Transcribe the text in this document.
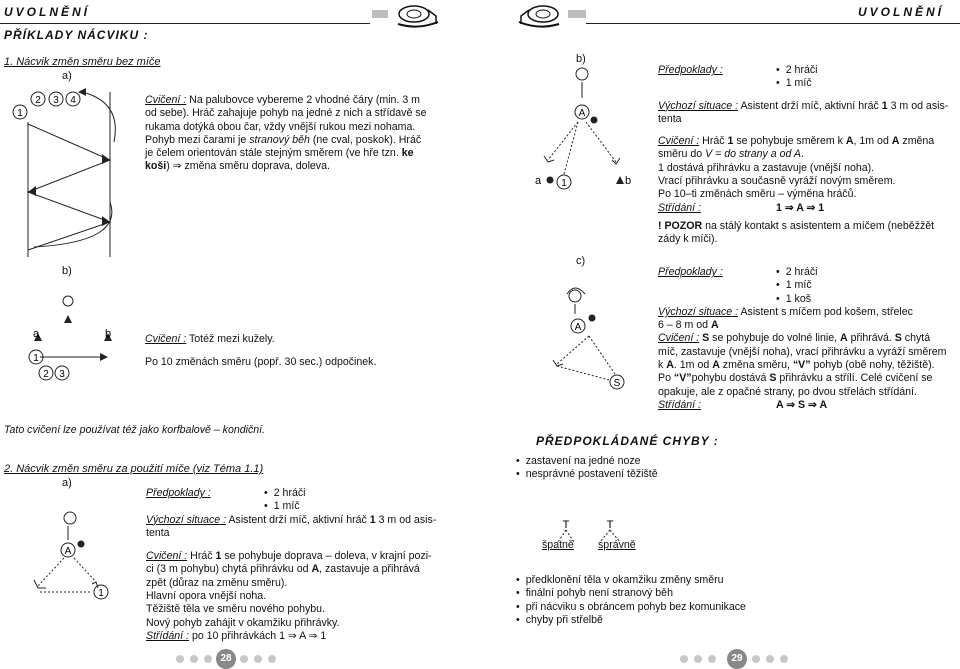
UVOLNĚNÍ	UVOLNĚNÍ
PŘÍKLADY NÁCVIKU :
1. Nácvik změn směru bez míče
a)
1
2 3 4	Cvičení : Na palubovce vybereme 2 vhodné čáry (min. 3 m

od sebe). Hráč zahajuje pohyb na jedné z nich a střídavě se

rukama dotýká obou čar, vždy vnější rukou mezi nohama.

Pohyb mezi čarami je stranový běh (ne cval, poskok). Hráč

je čelem orientován stále stejným směrem (ve hře tzn. ke

koši) ⇒ změna směru doprava, doleva.

b)
a	b
1
2 3

Cvičení : Totéž mezi kužely.

Po 10 změnách směru (popř. 30 sec.) odpočinek.

Tato cvičení lze používat též jako korfbalově – kondiční.
2. Nácvik změn směru za použití míče (viz Téma 1.1)
a)
A
1
Předpoklady :	• 2 hráči
• 1 míč

Výchozí situace : Asistent drží míč, aktivní hráč 1 3 m od asis-

tenta

Cvičení : Hráč 1 se pohybuje doprava – doleva, v krajní pozi-

ci (3 m pohybu) chytá přihrávku od A, zastavuje a přihrává

zpět (důraz na změnu směru).

Hlavní opora vnější noha.

Těžiště těla ve směru nového pohybu.

Nový pohyb zahájit v okamžiku přihrávky.

Střídání : po 10 přihrávkách 1 ⇒ A ⇒ 1

28
b)
A
a	b
1
Předpoklady :	• 2 hráči
• 1 míč

Výchozí situace : Asistent drží míč, aktivní hráč 1 3 m od asis-

tenta

Cvičení : Hráč 1 se pohybuje směrem k A, 1m od A změna

směru do V = do strany a od A.

1 dostává přihrávku a zastavuje (vnější noha).

Vrací přihrávku a současně vyráží novým směrem.

Po 10–ti změnách směru – výměna hráčů.

Střídání :	1 ⇒ A ⇒ 1

! POZOR na stálý kontakt s asistentem a míčem (neběžžět

zády k míči).

c)
A
S
Předpoklady :	• 2 hráči
• 1 míč
• 1 koš

Výchozí situace : Asistent s míčem pod košem, střelec

6 – 8 m od A

Cvičení : S se pohybuje do volné linie, A přihrává. S chytá

míč, zastavuje (vnější noha), vrací přihrávku a vyráží směrem

k A. 1m od A změna směru, “V” pohyb (obě nohy, těžiště).

Po “V”pohybu dostává S přihrávku a střílí. Celé cvičení se

opakuje, ale z opačné strany, po dvou střelách střídání.

Střídání :	A ⇒ S ⇒ A

PŘEDPOKLÁDANÉ CHYBY :
• zastavení na jedné noze
• nesprávné postavení těžiště
T	T
špatně správně
• předklonění těla v okamžiku změny směru
• finální pohyb není stranový běh
• při nácviku s obráncem pohyb bez komunikace
• chyby při střelbě
29
